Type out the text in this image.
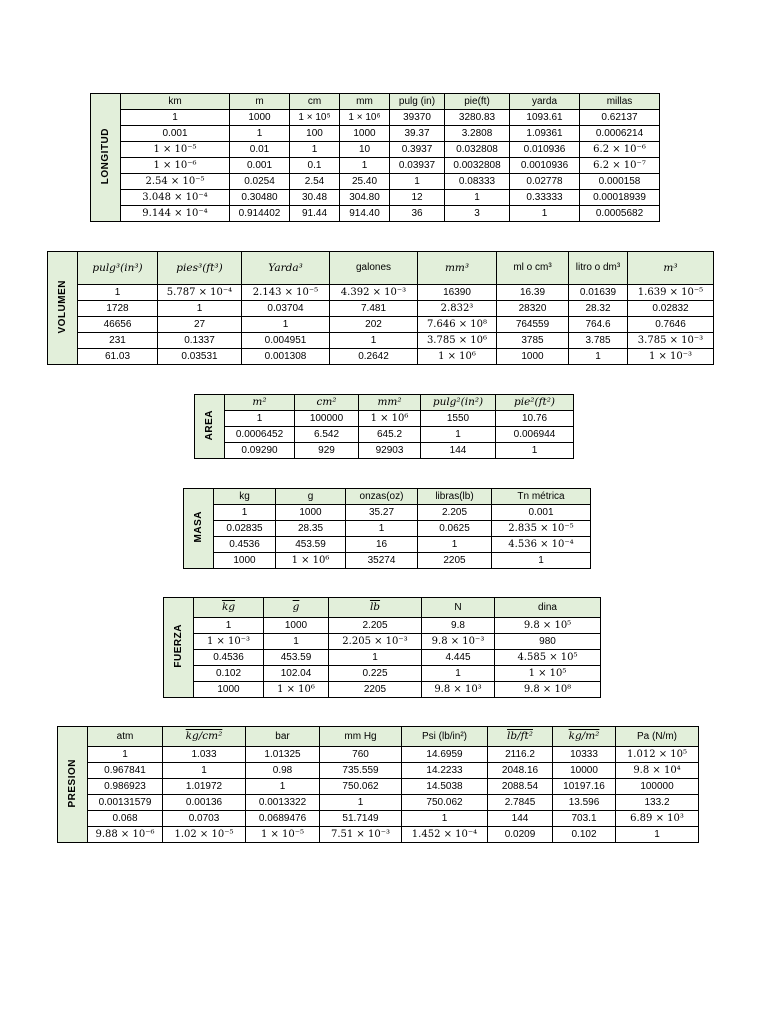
LONGITUD	km	m	cm	mm	pulg (in)	pie(ft)	yarda	millas
	1	1000	1 × 10⁵	1 × 10⁶	39370	3280.83	1093.61	0.62137
	0.001	1	100	1000	39.37	3.2808	1.09361	0.0006214
	1 × 10⁻⁵	0.01	1	10	0.3937	0.032808	0.010936	6.2 × 10⁻⁶
	1 × 10⁻⁶	0.001	0.1	1	0.03937	0.0032808	0.0010936	6.2 × 10⁻⁷
	2.54 × 10⁻⁵	0.0254	2.54	25.40	1	0.08333	0.02778	0.000158
	3.048 × 10⁻⁴	0.30480	30.48	304.80	12	1	0.33333	0.00018939
	9.144 × 10⁻⁴	0.914402	91.44	914.40	36	3	1	0.0005682
VOLUMEN	pulg³(in³)	pies³(ft³)	Yarda³	galones	mm³	ml o cm³	litro o dm³	m³
	1	5.787 × 10⁻⁴	2.143 × 10⁻⁵	4.392 × 10⁻³	16390	16.39	0.01639	1.639 × 10⁻⁵
	1728	1	0.03704	7.481	2.832³	28320	28.32	0.02832
	46656	27	1	202	7.646 × 10⁸	764559	764.6	0.7646
	231	0.1337	0.004951	1	3.785 × 10⁶	3785	3.785	3.785 × 10⁻³
	61.03	0.03531	0.001308	0.2642	1 × 10⁶	1000	1	1 × 10⁻³
AREA	m²	cm²	mm²	pulg²(in²)	pie²(ft²)
	1	100000	1 × 10⁶	1550	10.76
	0.0006452	6.542	645.2	1	0.006944
	0.09290	929	92903	144	1
MASA	kg	g	onzas(oz)	libras(lb)	Tn métrica
	1	1000	35.27	2.205	0.001
	0.02835	28.35	1	0.0625	2.835 × 10⁻⁵
	0.4536	453.59	16	1	4.536 × 10⁻⁴
	1000	1 × 10⁶	35274	2205	1
FUERZA	$\overline{kg}$	$\overline{g}$	$\overline{lb}$	N	dina
	1	1000	2.205	9.8	9.8 × 10⁵
	1 × 10⁻³	1	2.205 × 10⁻³	9.8 × 10⁻³	980
	0.4536	453.59	1	4.445	4.585 × 10⁵
	0.102	102.04	0.225	1	1 × 10⁵
	1000	1 × 10⁶	2205	9.8 × 10³	9.8 × 10⁸
PRESION	atm	kg/cm²	bar	mm Hg	Psi (lb/in²)	lb/ft²	kg/m²	Pa (N/m)
	1	1.033	1.01325	760	14.6959	2116.2	10333	1.012 × 10⁵
	0.967841	1	0.98	735.559	14.2233	2048.16	10000	9.8 × 10⁴
	0.986923	1.01972	1	750.062	14.5038	2088.54	10197.16	100000
	0.00131579	0.00136	0.0013322	1	750.062	2.7845	13.596	133.2
	0.068	0.0703	0.0689476	51.7149	1	144	703.1	6.89 × 10³
	9.88 × 10⁻⁶	1.02 × 10⁻⁵	1 × 10⁻⁵	7.51 × 10⁻³	1.452 × 10⁻⁴	0.0209	0.102	1
